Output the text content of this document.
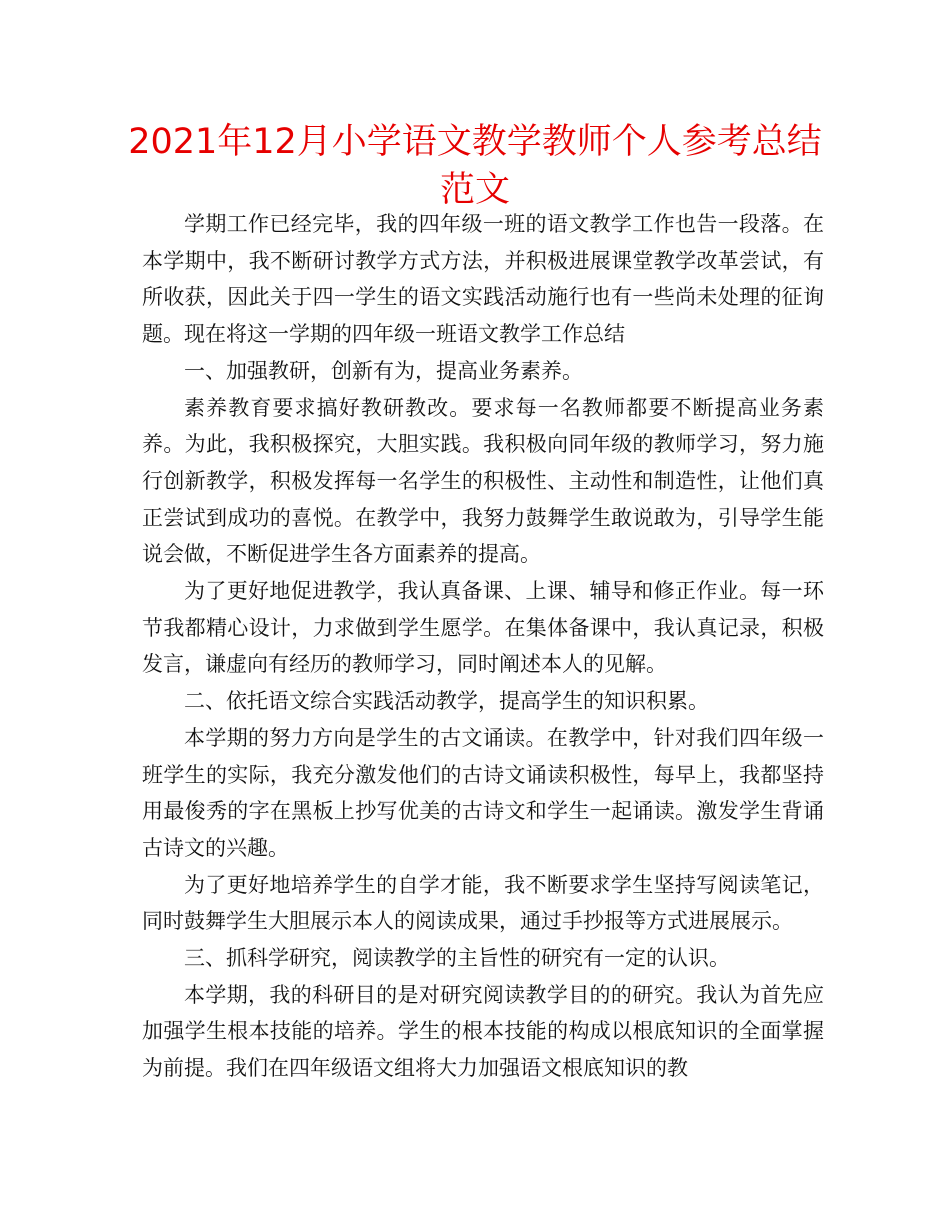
2021年12月小学语文教学教师个人参考总结范文

学期工作已经完毕，我的四年级一班的语文教学工作也告一段落。在本学期中，我不断研讨教学方式方法，并积极进展课堂教学改革尝试，有所收获，因此关于四一学生的语文实践活动施行也有一些尚未处理的征询题。现在将这一学期的四年级一班语文教学工作总结

一、加强教研，创新有为，提高业务素养。

素养教育要求搞好教研教改。要求每一名教师都要不断提高业务素养。为此，我积极探究，大胆实践。我积极向同年级的教师学习，努力施行创新教学，积极发挥每一名学生的积极性、主动性和制造性，让他们真正尝试到成功的喜悦。在教学中，我努力鼓舞学生敢说敢为，引导学生能说会做，不断促进学生各方面素养的提高。

为了更好地促进教学，我认真备课、上课、辅导和修正作业。每一环节我都精心设计，力求做到学生愿学。在集体备课中，我认真记录，积极发言，谦虚向有经历的教师学习，同时阐述本人的见解。

二、依托语文综合实践活动教学，提高学生的知识积累。

本学期的努力方向是学生的古文诵读。在教学中，针对我们四年级一班学生的实际，我充分激发他们的古诗文诵读积极性，每早上，我都坚持用最俊秀的字在黑板上抄写优美的古诗文和学生一起诵读。激发学生背诵古诗文的兴趣。

为了更好地培养学生的自学才能，我不断要求学生坚持写阅读笔记，同时鼓舞学生大胆展示本人的阅读成果，通过手抄报等方式进展展示。

三、抓科学研究，阅读教学的主旨性的研究有一定的认识。

本学期，我的科研目的是对研究阅读教学目的的研究。我认为首先应加强学生根本技能的培养。学生的根本技能的构成以根底知识的全面掌握为前提。我们在四年级语文组将大力加强语文根底知识的教
